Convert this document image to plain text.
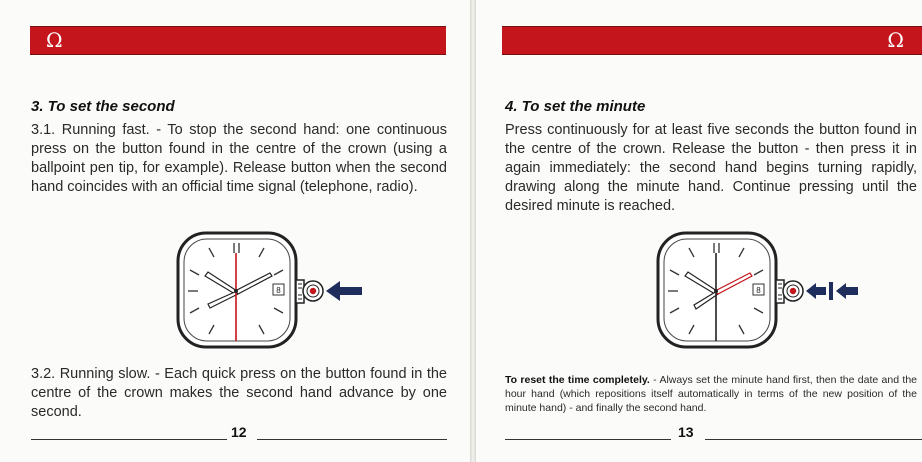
Ω
3. To set the second

3.1. Running fast. - To stop the second hand: one continuous press on the button found in the centre of the crown (using a ballpoint pen tip, for example). Release button when the second hand coincides with an official time signal (telephone, radio).

8

3.2. Running slow. - Each quick press on the button found in the centre of the crown makes the second hand advance by one second.

12
Ω
4. To set the minute

Press continuously for at least five seconds the button found in the centre of the crown. Release the button - then press it in again immediately: the second hand begins turning rapidly, drawing along the minute hand. Continue pressing until the desired minute is reached.

8

To reset the time completely. - Always set the minute hand first, then the date and the hour hand (which repositions itself automatically in terms of the new position of the minute hand) - and finally the second hand.

13
